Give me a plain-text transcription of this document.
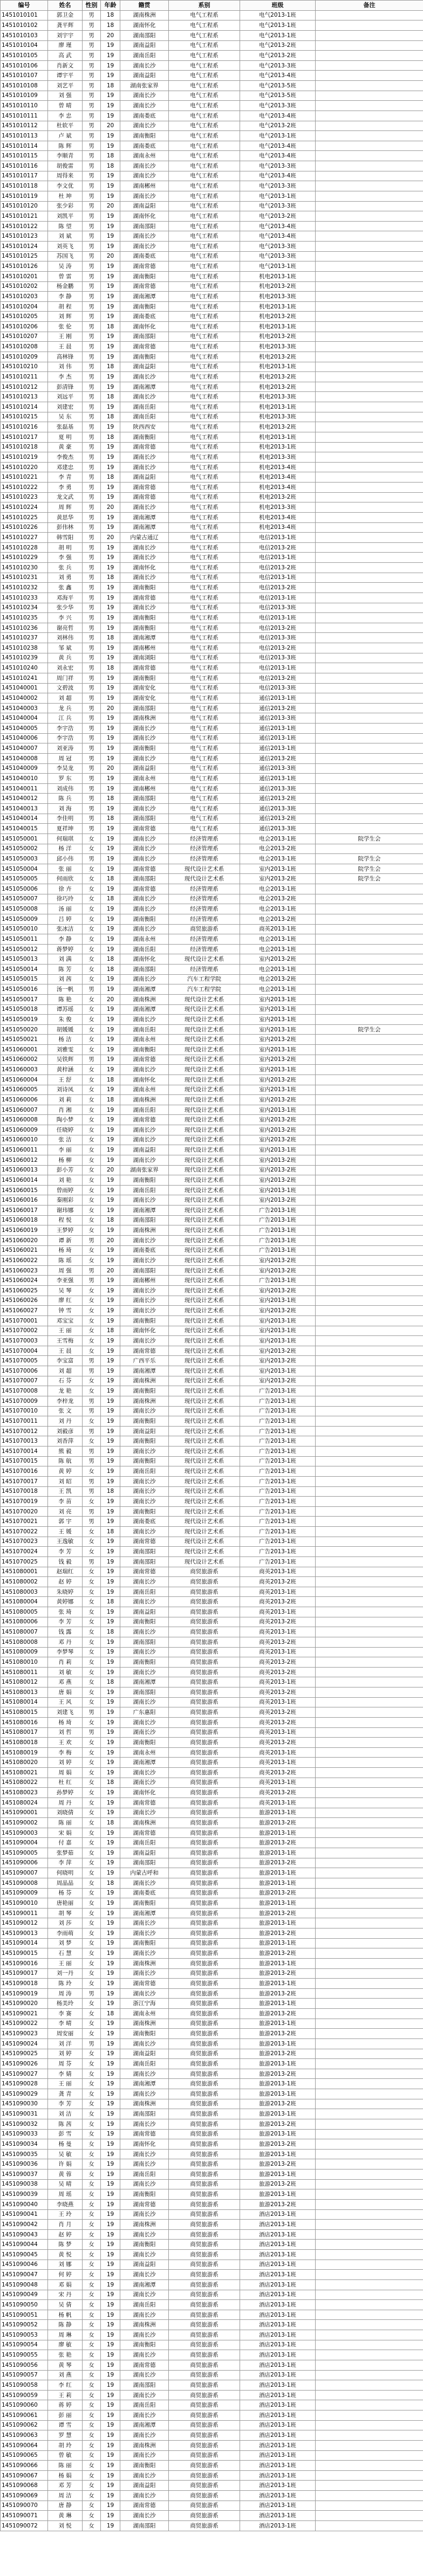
编号	姓名	性别	年龄	籍贯	系别	班级	备注
1451010101	郭卫金	男	18	湖南株洲	电气工程系	电气2013-1班	
1451010102	龚平辉	男	18	湖南怀化	电气工程系	电气2013-1班	
1451010103	刘宇宇	男	20	湖南邵阳	电气工程系	电气2013-1班	
1451010104	廖 瑾	男	19	湖南益阳	电气工程系	电气2013-2班	
1451010105	高 武	男	19	湖南岳阳	电气工程系	电气2013-2班	
1451010106	肖新文	男	19	湖南长沙	电气工程系	电气2013-3班	
1451010107	谭宇平	男	19	湖南益阳	电气工程系	电气2013-4班	
1451010108	刘艺平	男	18	湖南张家界	电气工程系	电气2013-5班	
1451010109	刘 强	男	19	湖南长沙	电气工程系	电气2013-5班	
1451010110	曾 晴	男	19	湖南长沙	电气工程系	电气2013-3班	
1451010111	李 忠	男	19	湖南娄底	电气工程系	电气2013-4班	
1451010112	杜软平	男	20	湖南长沙	电气工程系	电气2013-2班	
1451010113	卢 斌	男	19	湖南衡阳	电气工程系	电气2013-1班	
1451010114	陈 辉	男	19	湖南娄底	电气工程系	电气2013-4班	
1451010115	李顺青	男	18	湖南永州	电气工程系	电气2013-4班	
1451010116	胡俊雷	男	18	湖南长沙	电气工程系	电气2013-3班	
1451010117	周得来	男	19	湖南长沙	电气工程系	电气2013-4班	
1451010118	李文优	男	19	湖南郴州	电气工程系	电气2013-3班	
1451010119	杜 坤	男	19	湖南长沙	电气工程系	电气2013-1班	
1451010120	张少彩	男	20	湖南益阳	电气工程系	电气2013-3班	
1451010121	刘凯平	男	19	湖南怀化	电气工程系	电气2013-2班	
1451010122	陈 望	男	19	湖南邵阳	电气工程系	电气2013-4班	
1451010123	刘 斌	男	19	湖南长沙	电气工程系	电气2013-4班	
1451010124	刘英飞	男	19	湖南长沙	电气工程系	电气2013-3班	
1451010125	苏国飞	男	20	湖南娄底	电气工程系	电气2013-3班	
1451010126	吴 涛	男	19	湖南常德	电气工程系	电气2013-1班	
1451010201	曾 雷	男	19	湖南衡阳	电气工程系	机电2013-1班	
1451010202	杨金鹏	男	19	湖南常德	电气工程系	机电2013-2班	
1451010203	李 静	男	19	湖南湘潭	电气工程系	机电2013-3班	
1451010204	胡 程	男	19	湖南衡阳	电气工程系	机电2013-1班	
1451010205	刘 辉	男	19	湖南娄底	电气工程系	机电2013-2班	
1451010206	张 伦	男	18	湖南怀化	电气工程系	机电2013-1班	
1451010207	王 刚	男	19	湖南邵阳	电气工程系	机电2013-2班	
1451010208	王 晨	男	19	湖南常德	电气工程系	机电2013-3班	
1451010209	高林锋	男	19	湖南衡阳	电气工程系	机电2013-2班	
1451010210	刘 伟	男	18	湖南益阳	电气工程系	机电2013-1班	
1451010211	李 杰	男	19	湖南长沙	电气工程系	机电2013-2班	
1451010212	彭清锋	男	19	湖南湘潭	电气工程系	机电2013-2班	
1451010213	刘远平	男	18	湖南长沙	电气工程系	机电2013-3班	
1451010214	刘建宏	男	19	湖南岳阳	电气工程系	机电2013-1班	
1451010215	吴 东	男	18	湖南岳阳	电气工程系	机电2013-3班	
1451010216	张磊基	男	19	陕西西安	电气工程系	机电2013-2班	
1451010217	夏 明	男	18	湖南衡阳	电气工程系	机电2013-1班	
1451010218	黄 豪	男	19	湖南常德	电气工程系	机电2013-1班	
1451010219	李俊杰	男	19	湖南长沙	电气工程系	机电2013-3班	
1451010220	邓建忠	男	19	湖南长沙	电气工程系	机电2013-4班	
1451010221	李 青	男	18	湖南益阳	电气工程系	机电2013-4班	
1451010222	李 勇	男	19	湖南常德	电气工程系	机电2013-4班	
1451010223	龙文武	男	19	湖南常德	电气工程系	机电2013-2班	
1451010224	周 辉	男	20	湖南长沙	电气工程系	机电2013-3班	
1451010225	黄思华	男	19	湖南湘潭	电气工程系	机电2013-4班	
1451010226	彭伟林	男	19	湖南湘潭	电气工程系	机电2013-4班	
1451010227	韩雪阳	男	20	内蒙古通辽	电气工程系	电信2013-1班	
1451010228	胡 明	男	19	湖南长沙	电气工程系	电信2013-2班	
1451010229	李 强	男	19	湖南长沙	电气工程系	电信2013-1班	
1451010230	张 兵	男	19	湖南怀化	电气工程系	电信2013-2班	
1451010231	刘 勇	男	18	湖南长沙	电气工程系	电信2013-1班	
1451010232	张 鑫	男	19	湖南衡阳	电气工程系	电信2013-2班	
1451010233	邓海平	男	19	湖南常德	电气工程系	电信2013-1班	
1451010234	张少华	男	19	湖南长沙	电气工程系	电信2013-3班	
1451010235	李 兴	男	19	湖南衡阳	电气工程系	电信2013-1班	
1451010236	谢亮哲	男	19	湖南衡阳	电气工程系	电信2013-2班	
1451010237	刘林伟	男	18	湖南湘潭	电气工程系	电信2013-3班	
1451010238	邹 斌	男	19	湖南郴州	电气工程系	电信2013-2班	
1451010239	黄 兵	男	19	湖南浏阳	电气工程系	电信2013-3班	
1451010240	刘永宏	男	18	湖南常德	电气工程系	电信2013-1班	
1451010241	周门祥	男	19	湖南衡阳	电气工程系	电信2013-2班	
1451040001	文碧波	男	19	湖南安化	电气工程系	电信2013-3班	
1451040002	刘 超	男	19	湖南安化	电气工程系	通信2013-1班	
1451040003	龙 兵	男	20	湖南邵阳	电气工程系	通信2013-2班	
1451040004	江 兵	男	19	湖南株洲	电气工程系	通信2013-3班	
1451040005	李宇浩	男	19	湖南长沙	电气工程系	通信2013-1班	
1451040006	李宇浩	男	19	湖南长沙	电气工程系	通信2013-1班	
1451040007	刘亚涛	男	19	湖南衡阳	电气工程系	通信2013-1班	
1451040008	周 冠	男	19	湖南长沙	电气工程系	通信2013-2班	
1451040009	李昊龙	男	20	湖南益阳	电气工程系	通信2013-3班	
1451040010	罗 东	男	19	湖南永州	电气工程系	通信2013-1班	
1451040011	刘成伟	男	19	湖南郴州	电气工程系	通信2013-3班	
1451040012	陈 兵	男	18	湖南邵阳	电气工程系	通信2013-2班	
1451040013	刘 海	男	19	湖南长沙	电气工程系	通信2013-3班	
1451040014	李佳明	男	18	湖南邵阳	电气工程系	通信2013-2班	
1451040015	夏祥坤	男	19	湖南常德	电气工程系	通信2013-3班	
1451050001	何瑞琪	女	19	湖南长沙	经济管理系	电会2013-1班	院学生会
1451050002	杨 洋	女	19	湖南长沙	经济管理系	电会2013-2班	
1451050003	邱小伟	男	19	湖南长沙	经济管理系	电会2013-1班	院学生会
1451050004	张 丽	女	19	湖南常德	现代设计艺术系	室内2013-1班	院学生会
1451050005	何雨欣	女	18	湖南邵阳	现代设计艺术系	室内2013-2班	院学生会
1451050006	徐 卉	女	19	湖南常德	经济管理系	电会2013-1班	
1451050007	徐巧玲	女	18	湖南长沙	经济管理系	电会2013-2班	
1451050008	汤 丽	女	19	湖南长沙	经济管理系	电会2013-1班	
1451050009	吕 婷	女	19	湖南衡阳	经济管理系	电会2013-2班	
1451050010	张冰洁	女	19	湖南长沙	商贸旅游系	商英2013-1班	
1451050011	李 静	女	19	湖南永州	经济管理系	电会2013-1班	
1451050012	蒋梦婷	女	19	湖南岳阳	经济管理系	电会2013-1班	
1451050013	刘 满	女	18	湖南怀化	现代设计艺术系	室内2013-2班	
1451050014	陈 芳	女	18	湖南邵阳	经济管理系	电会2013-1班	
1451050015	刘 茜	女	19	湖南长沙	汽车工程学院	电会2013-2班	
1451050016	汤一帆	男	19	湖南湘潭	汽车工程学院	电会2013-1班	
1451050017	陈 艳	女	20	湖南株洲	现代设计艺术系	室内2013-1班	
1451050018	谭苏瑶	女	19	湖南湘潭	现代设计艺术系	室内2013-1班	
1451050019	朱 俊	女	19	湖南长沙	现代设计艺术系	室内2013-1班	
1451050020	胡媛媛	女	19	湖南岳阳	现代设计艺术系	室内2013-1班	院学生会
1451050021	杨 洁	女	19	湖南永州	现代设计艺术系	室内2013-2班	
1451060001	刘雅雯	女	19	湖南衡阳	现代设计艺术系	室内2013-1班	
1451060002	吴铁辉	男	19	湖南常德	现代设计艺术系	室内2013-2班	
1451060003	黄梓涵	女	19	湖南长沙	现代设计艺术系	室内2013-1班	
1451060004	王 舒	女	18	湖南怀化	现代设计艺术系	室内2013-2班	
1451060005	刘诗凤	女	19	湖南永州	现代设计艺术系	室内2013-1班	
1451060006	刘 莉	女	18	湖南株洲	现代设计艺术系	室内2013-2班	
1451060007	肖 湘	女	19	湖南岳阳	现代设计艺术系	室内2013-1班	
1451060008	陶小梦	女	19	湖南常德	现代设计艺术系	室内2013-2班	
1451060009	任晓婷	女	19	湖南长沙	现代设计艺术系	室内2013-2班	
1451060010	张 洁	女	19	湖南长沙	现代设计艺术系	室内2013-2班	
1451060011	李 丽	女	19	湖南益阳	现代设计艺术系	室内2013-1班	
1451060012	杨 柳	女	19	湖南长沙	现代设计艺术系	室内2013-2班	
1451060013	彭小芳	女	20	湖南张家界	现代设计艺术系	室内2013-2班	
1451060014	刘 艳	女	19	湖南衡阳	现代设计艺术系	室内2013-2班	
1451060015	曾雨婷	女	19	湖南岳阳	现代设计艺术系	室内2013-1班	
1451060016	秦刚彩	女	19	湖南长沙	现代设计艺术系	室内2013-2班	
1451060017	谢玮娜	女	19	湖南湘潭	现代设计艺术系	广告2013-1班	
1451060018	程 悦	女	18	湖南邵阳	现代设计艺术系	广告2013-1班	
1451060019	王梦婷	女	19	湖南株洲	现代设计艺术系	广告2013-1班	
1451060020	谭 新	男	20	湖南长沙	现代设计艺术系	广告2013-1班	
1451060021	杨 琦	女	19	湖南娄底	现代设计艺术系	广告2013-1班	
1451060022	陈 瑶	女	19	湖南长沙	现代设计艺术系	室内2013-2班	
1451060023	周 强	男	20	湖南邵阳	现代设计艺术系	室内2013-2班	
1451060024	李亚强	男	19	湖南郴州	现代设计艺术系	广告2013-1班	
1451060025	吴 琴	女	19	湖南长沙	现代设计艺术系	室内2013-2班	
1451060026	廖 红	女	19	湖南长沙	现代设计艺术系	室内2013-1班	
1451060027	钟 雪	女	19	湖南长沙	现代设计艺术系	室内2013-2班	
1451070001	邓宝宝	女	19	湖南衡阳	现代设计艺术系	室内2013-1班	
1451070002	王 丽	女	18	湖南怀化	现代设计艺术系	室内2013-1班	
1451070003	王雪梅	女	19	湖南长沙	现代设计艺术系	室内2013-1班	
1451070004	王 晨	女	19	湖南常德	现代设计艺术系	室内2013-2班	
1451070005	李宝富	男	19	广西平乐	现代设计艺术系	室内2013-2班	
1451070006	刘 超	男	19	湖南湘潭	现代设计艺术系	室内2013-1班	
1451070007	石 芬	女	19	湖南株洲	现代设计艺术系	室内2013-2班	
1451070008	龙 艳	女	19	湖南衡阳	现代设计艺术系	广告2013-1班	
1451070009	李梓龙	男	19	湖南株洲	现代设计艺术系	广告2013-1班	
1451070010	张 文	男	19	湖南长沙	现代设计艺术系	广告2013-1班	
1451070011	刘 丹	女	19	湖南衡阳	现代设计艺术系	广告2013-1班	
1451070012	刘毅彦	男	19	湖南益阳	现代设计艺术系	广告2013-1班	
1451070013	刘香萍	女	19	湖南衡阳	现代设计艺术系	广告2013-1班	
1451070014	熊 毅	男	19	湖南长沙	现代设计艺术系	广告2013-1班	
1451070015	陈 航	男	19	湖南衡阳	现代设计艺术系	广告2013-1班	
1451070016	黄 婷	女	19	湖南岳阳	现代设计艺术系	广告2013-1班	
1451070017	刘 昭	男	19	湖南长沙	现代设计艺术系	广告2013-1班	
1451070018	王 凯	男	18	湖南长沙	现代设计艺术系	广告2013-1班	
1451070019	李 苗	女	19	湖南长沙	现代设计艺术系	广告2013-1班	
1451070020	刘 亮	男	19	湖南衡阳	现代设计艺术系	广告2013-1班	
1451070021	郭 宇	男	19	湖南娄底	现代设计艺术系	广告2013-1班	
1451070022	王 媛	女	18	湖南长沙	现代设计艺术系	广告2013-1班	
1451070023	王逸敏	女	19	湖南常德	现代设计艺术系	广告2013-1班	
1451070024	李 芳	女	19	湖南邵阳	现代设计艺术系	广告2013-1班	
1451070025	钱 毅	男	19	湖南邵阳	现代设计艺术系	广告2013-1班	
1451080001	赵瑞红	女	19	湖南常德	商贸旅游系	商英2013-1班	
1451080002	赵 婷	女	19	湖南长沙	商贸旅游系	商英2013-2班	
1451080003	朱晓婷	女	19	湖南岳阳	商贸旅游系	商英2013-1班	
1451080004	黄婷娜	女	18	湖南长沙	商贸旅游系	商英2013-2班	
1451080005	张 琦	女	19	湖南益阳	商贸旅游系	商英2013-1班	
1451080006	李 芳	女	19	湖南衡阳	商贸旅游系	商英2013-2班	
1451080007	钱 露	女	18	湖南长沙	商贸旅游系	商英2013-1班	
1451080008	邓 丹	女	19	湖南邵阳	商贸旅游系	商英2013-2班	
1451080009	李梦琴	女	19	湖南长沙	商贸旅游系	商英2013-1班	
1451080010	肖 莉	女	19	湖南衡阳	商贸旅游系	商英2013-2班	
1451080011	刘 敏	女	19	湖南长沙	商贸旅游系	商英2013-2班	
1451080012	邓 燕	女	18	湖南湘潭	商贸旅游系	商英2013-1班	
1451080013	唐 娟	女	19	湖南邵阳	商贸旅游系	商英2013-2班	
1451080014	王 风	女	19	湖南长沙	商贸旅游系	商英2013-1班	
1451080015	刘建飞	男	19	广东惠阳	商贸旅游系	商英2013-2班	
1451080016	杨 琦	女	19	湖南长沙	商贸旅游系	商英2013-2班	
1451080017	刘 哲	男	19	湖南长沙	商贸旅游系	商英2013-1班	
1451080018	王 欢	女	19	湖南衡阳	商贸旅游系	商英2013-2班	
1451080019	李 梅	女	19	湖南永州	商贸旅游系	商英2013-1班	
1451080020	刘 婷	女	19	湖南湘潭	商贸旅游系	商英2013-1班	
1451080021	周 娟	女	19	湖南长沙	商贸旅游系	商英2013-2班	
1451080022	杜 红	女	18	湖南长沙	商贸旅游系	商英2013-1班	
1451080023	孙梦婷	女	19	湖南怀化	商贸旅游系	商英2013-2班	
1451080024	周 丹	女	19	湖南常德	商贸旅游系	商英2013-1班	
1451090001	刘晓倩	女	19	湖南长沙	商贸旅游系	旅游2013-1班	
1451090002	陈 丽	女	18	湖南株洲	商贸旅游系	旅游2013-2班	
1451090003	宋 娟	女	19	湖南常德	商贸旅游系	旅游2013-1班	
1451090004	付 嘉	女	19	湖南岳阳	商贸旅游系	旅游2013-2班	
1451090005	张梦茹	女	19	湖南益阳	商贸旅游系	旅游2013-1班	
1451090006	李 萍	女	19	湖南邵阳	商贸旅游系	旅游2013-2班	
1451090007	何晓明	女	19	内蒙古呼和	商贸旅游系	旅游2013-1班	
1451090008	周晶晶	女	18	湖南长沙	商贸旅游系	旅游2013-1班	
1451090009	杨 芬	女	19	湖南娄底	商贸旅游系	旅游2013-2班	
1451090010	唐艳丽	女	19	湖南衡阳	商贸旅游系	旅游2013-1班	
1451090011	胡 琴	女	19	湖南湘潭	商贸旅游系	旅游2013-2班	
1451090012	刘 莎	女	19	湖南长沙	商贸旅游系	旅游2013-1班	
1451090013	李雨萌	女	19	湖南长沙	商贸旅游系	旅游2013-2班	
1451090014	刘 梦	女	19	湖南衡阳	商贸旅游系	旅游2013-1班	
1451090015	石 慧	女	19	湖南长沙	商贸旅游系	旅游2013-2班	
1451090016	王 丽	女	19	湖南株洲	商贸旅游系	旅游2013-1班	
1451090017	刘一丹	女	19	湖南长沙	商贸旅游系	旅游2013-2班	
1451090018	陈 玲	女	19	湖南常德	商贸旅游系	旅游2013-1班	
1451090019	周 涛	男	19	湖南长沙	商贸旅游系	旅游2013-2班	
1451090020	杨美玲	女	19	浙江宁海	商贸旅游系	旅游2013-1班	
1451090021	李 赛	女	18	湖南永州	商贸旅游系	旅游2013-2班	
1451090022	李 晴	女	19	湖南株洲	商贸旅游系	旅游2013-1班	
1451090023	周安丽	女	19	湖南衡阳	商贸旅游系	旅游2013-2班	
1451090024	刘 洋	男	19	湖南长沙	商贸旅游系	旅游2013-1班	
1451090025	刘 婷	女	19	湖南益阳	商贸旅游系	旅游2013-2班	
1451090026	周 芬	女	19	湖南岳阳	商贸旅游系	旅游2013-1班	
1451090027	李 婧	女	19	湖南长沙	商贸旅游系	旅游2013-2班	
1451090028	王 丽	女	19	湖南湘潭	商贸旅游系	旅游2013-1班	
1451090029	龚 青	女	19	湖南长沙	商贸旅游系	旅游2013-1班	
1451090030	李 芳	女	19	湖南株洲	商贸旅游系	旅游2013-2班	
1451090031	刘 洁	女	19	湖南邵阳	商贸旅游系	旅游2013-1班	
1451090032	陈 茜	女	19	湖南长沙	商贸旅游系	旅游2013-2班	
1451090033	彭 雪	女	19	湖南常德	商贸旅游系	旅游2013-1班	
1451090034	杨 曼	女	19	湖南怀化	商贸旅游系	旅游2013-2班	
1451090035	吴 敏	女	19	湖南长沙	商贸旅游系	旅游2013-1班	
1451090036	许 娟	女	19	湖南长沙	商贸旅游系	旅游2013-2班	
1451090037	黄 蓉	女	19	湖南岳阳	商贸旅游系	旅游2013-1班	
1451090038	吴 晴	女	19	湖南长沙	商贸旅游系	旅游2013-2班	
1451090039	周 瑶	女	19	湖南衡阳	商贸旅游系	旅游2013-1班	
1451090040	李晓燕	女	19	湖南常德	商贸旅游系	旅游2013-2班	
1451090041	王 玲	女	19	湖南长沙	商贸旅游系	酒店2013-1班	
1451090042	肖 月	女	19	湖南株洲	商贸旅游系	酒店2013-1班	
1451090043	赵 婷	女	19	湖南长沙	商贸旅游系	酒店2013-1班	
1451090044	陈 梦	女	19	湖南衡阳	商贸旅游系	酒店2013-1班	
1451090045	黄 悦	女	19	湖南长沙	商贸旅游系	酒店2013-1班	
1451090046	刘 娜	女	19	湖南益阳	商贸旅游系	酒店2013-1班	
1451090047	何 婷	女	19	湖南长沙	商贸旅游系	酒店2013-1班	
1451090048	邓 娟	女	19	湖南湘潭	商贸旅游系	酒店2013-1班	
1451090049	宋 丹	女	19	湖南长沙	商贸旅游系	酒店2013-1班	
1451090050	吴 倩	女	19	湖南岳阳	商贸旅游系	酒店2013-1班	
1451090051	杨 帆	女	19	湖南长沙	商贸旅游系	酒店2013-1班	
1451090052	陈 静	女	19	湖南株洲	商贸旅游系	酒店2013-1班	
1451090053	周 琳	女	19	湖南长沙	商贸旅游系	酒店2013-1班	
1451090054	廖 敏	女	19	湖南衡阳	商贸旅游系	酒店2013-1班	
1451090055	张 艳	女	19	湖南长沙	商贸旅游系	酒店2013-1班	
1451090056	黄 琴	女	19	湖南常德	商贸旅游系	酒店2013-1班	
1451090057	刘 燕	女	19	湖南长沙	商贸旅游系	酒店2013-1班	
1451090058	李 红	女	19	湖南邵阳	商贸旅游系	酒店2013-1班	
1451090059	王 莉	女	19	湖南长沙	商贸旅游系	酒店2013-1班	
1451090060	蒋 婷	女	19	湖南岳阳	商贸旅游系	酒店2013-1班	
1451090061	彭 丽	女	19	湖南长沙	商贸旅游系	酒店2013-1班	
1451090062	谭 雪	女	19	湖南湘潭	商贸旅游系	酒店2013-1班	
1451090063	罗 慧	女	19	湖南长沙	商贸旅游系	酒店2013-1班	
1451090064	胡 玲	女	19	湖南株洲	商贸旅游系	酒店2013-1班	
1451090065	曾 敏	女	19	湖南长沙	商贸旅游系	酒店2013-1班	
1451090066	陈 丽	女	19	湖南衡阳	商贸旅游系	酒店2013-1班	
1451090067	杨 娟	女	19	湖南长沙	商贸旅游系	酒店2013-1班	
1451090068	邓 芳	女	19	湖南益阳	商贸旅游系	酒店2013-1班	
1451090069	周 洁	女	19	湖南长沙	商贸旅游系	酒店2013-1班	
1451090070	唐 静	女	19	湖南常德	商贸旅游系	酒店2013-1班	
1451090071	黄 琳	女	19	湖南长沙	商贸旅游系	酒店2013-1班	
1451090072	刘 悦	女	19	湖南邵阳	商贸旅游系	酒店2013-1班	
